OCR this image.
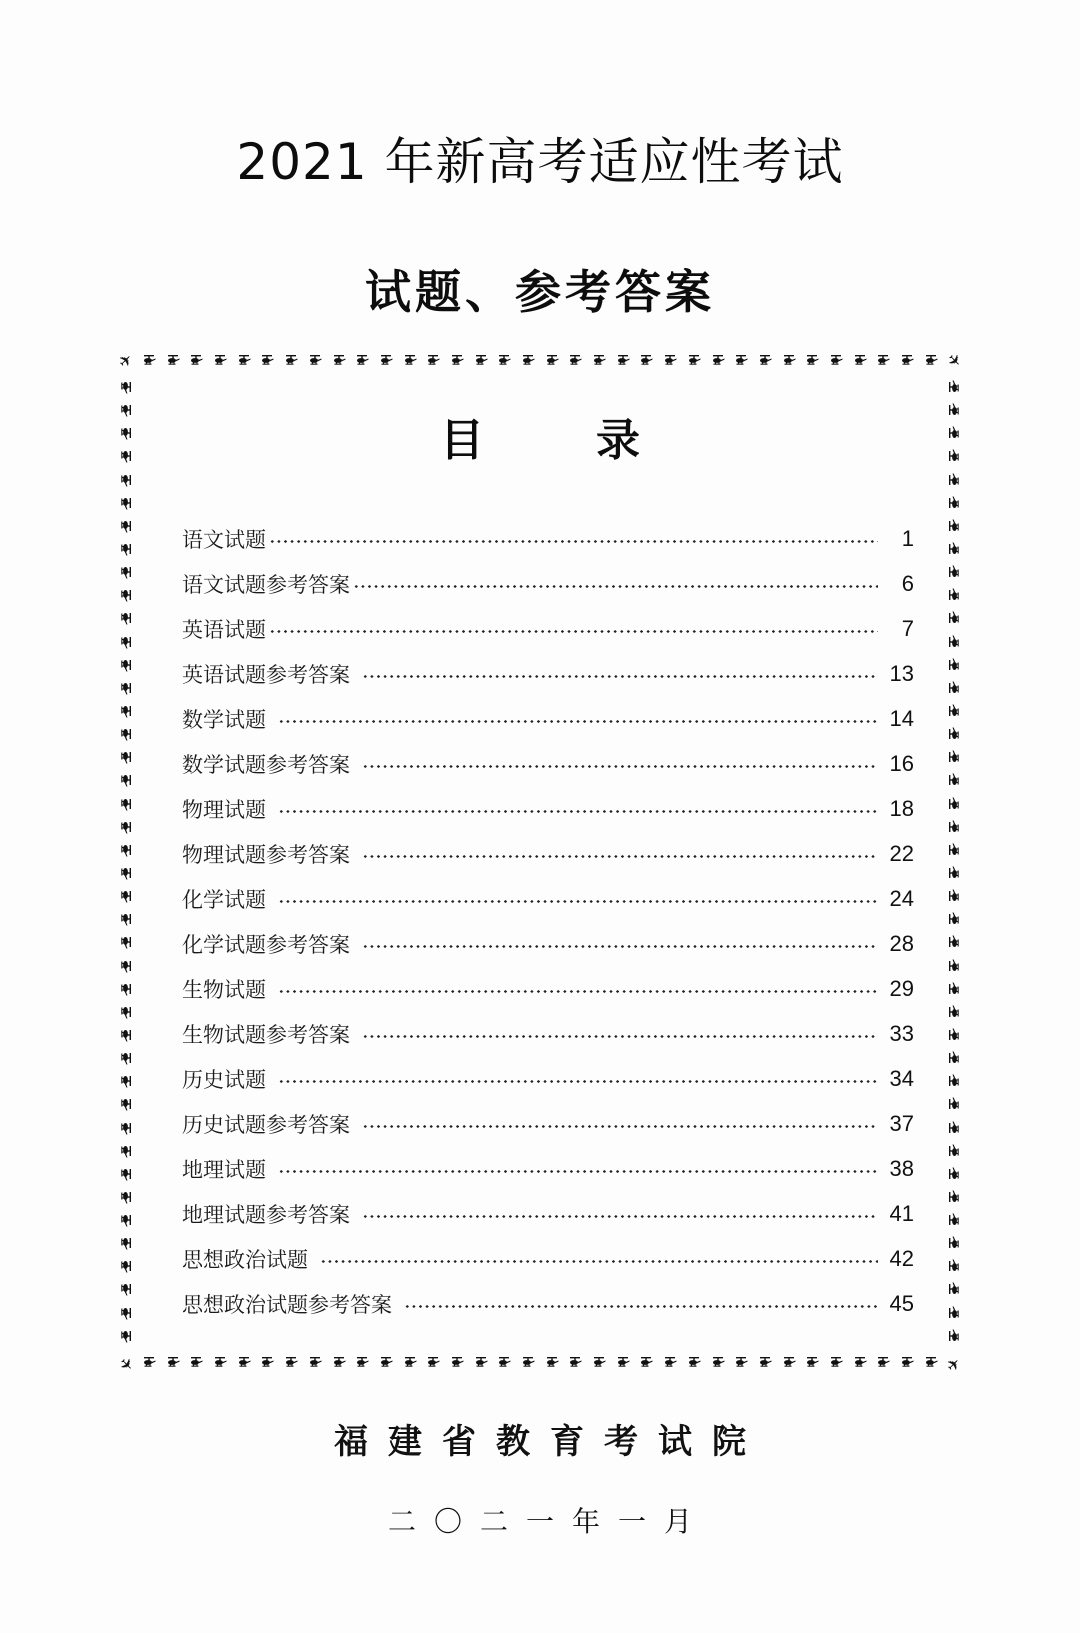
2021 年新高考适应性考试
试题、参考答案
✈	✈
✈	✈
目	录
语文试题	1
语文试题参考答案	6
英语试题	7
英语试题参考答案	13
数学试题	14
数学试题参考答案	16
物理试题	18
物理试题参考答案	22
化学试题	24
化学试题参考答案	28
生物试题	29
生物试题参考答案	33
历史试题	34
历史试题参考答案	37
地理试题	38
地理试题参考答案	41
思想政治试题	42
思想政治试题参考答案	45
福建省教育考试院
二〇二一年一月
